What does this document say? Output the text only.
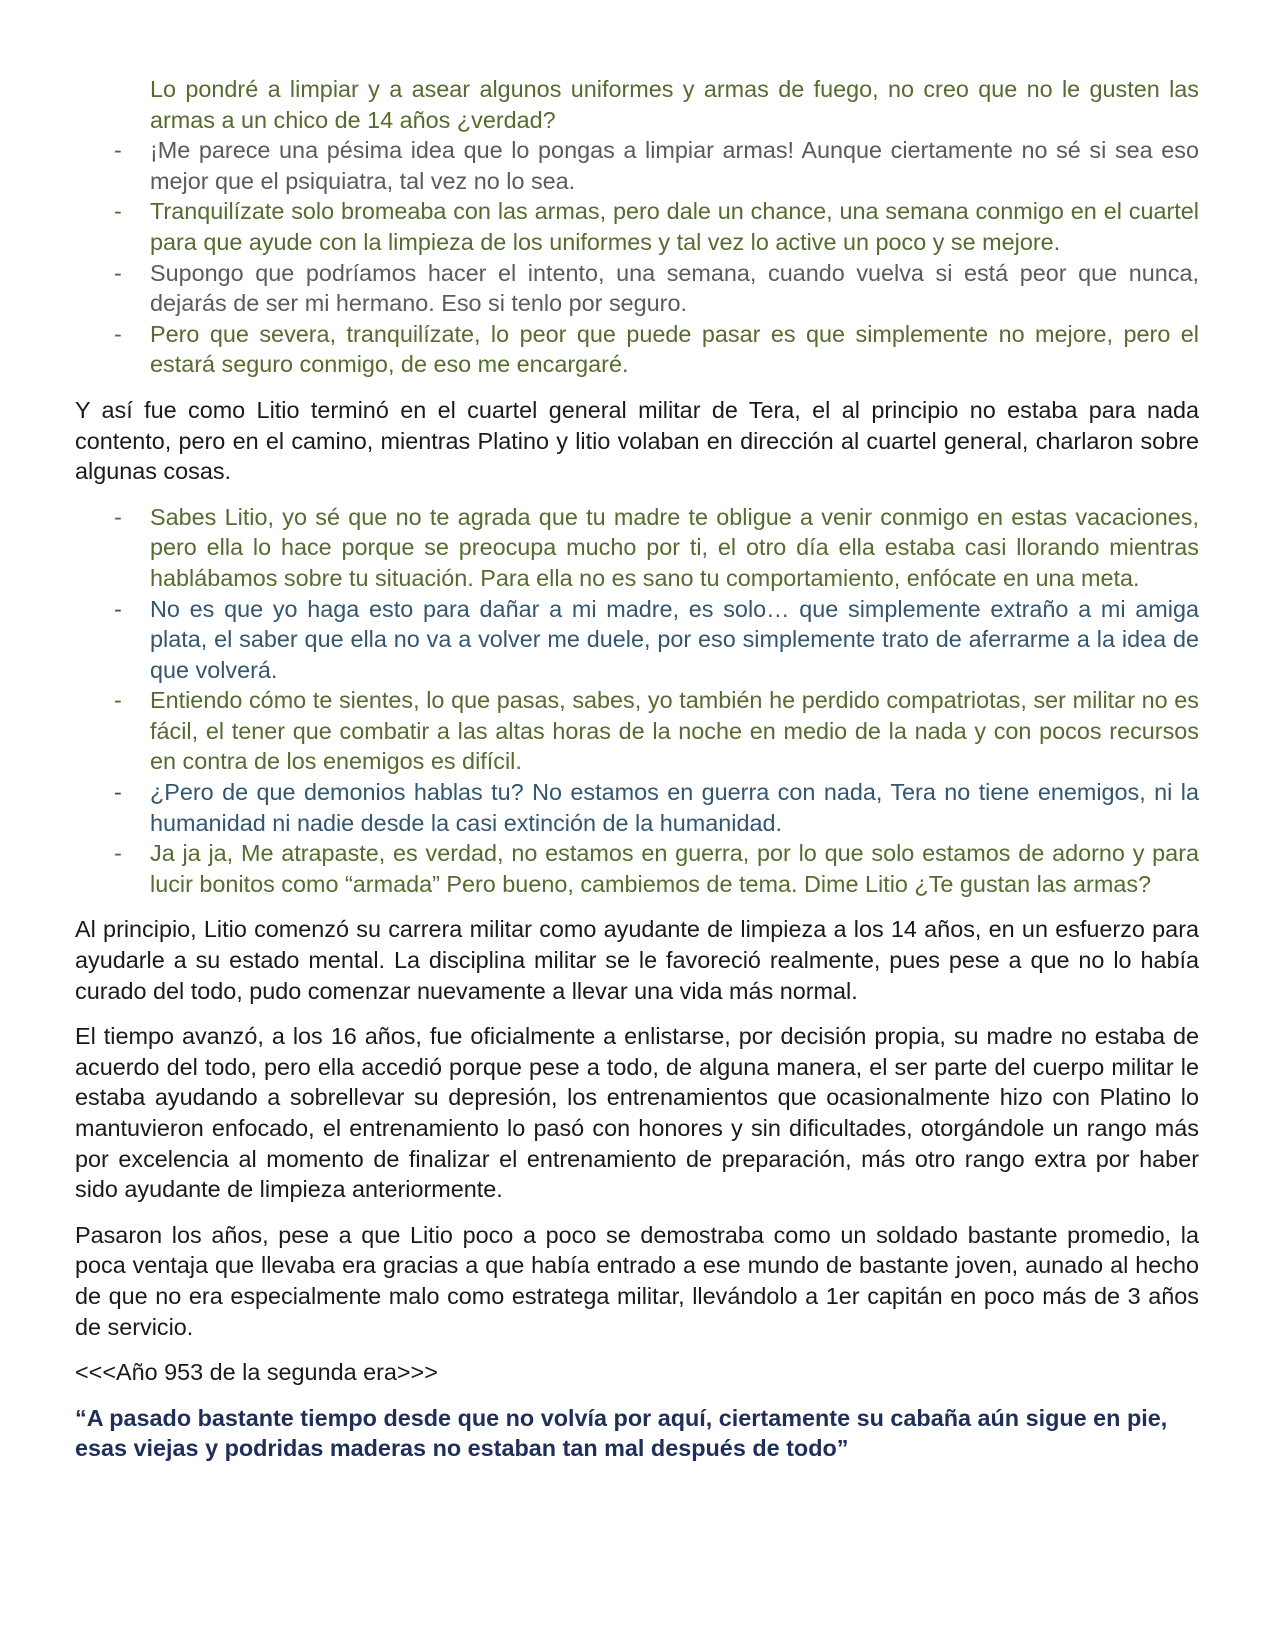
Lo pondré a limpiar y a asear algunos uniformes y armas de fuego, no creo que no le gusten las armas a un chico de 14 años ¿verdad?
- ¡Me parece una pésima idea que lo pongas a limpiar armas! Aunque ciertamente no sé si sea eso mejor que el psiquiatra, tal vez no lo sea.
- Tranquilízate solo bromeaba con las armas, pero dale un chance, una semana conmigo en el cuartel para que ayude con la limpieza de los uniformes y tal vez lo active un poco y se mejore.
- Supongo que podríamos hacer el intento, una semana, cuando vuelva si está peor que nunca, dejarás de ser mi hermano. Eso si tenlo por seguro.
- Pero que severa, tranquilízate, lo peor que puede pasar es que simplemente no mejore, pero el estará seguro conmigo, de eso me encargaré.

Y así fue como Litio terminó en el cuartel general militar de Tera, el al principio no estaba para nada contento, pero en el camino, mientras Platino y litio volaban en dirección al cuartel general, charlaron sobre algunas cosas.

- Sabes Litio, yo sé que no te agrada que tu madre te obligue a venir conmigo en estas vacaciones, pero ella lo hace porque se preocupa mucho por ti, el otro día ella estaba casi llorando mientras hablábamos sobre tu situación. Para ella no es sano tu comportamiento, enfócate en una meta.
- No es que yo haga esto para dañar a mi madre, es solo… que simplemente extraño a mi amiga plata, el saber que ella no va a volver me duele, por eso simplemente trato de aferrarme a la idea de que volverá.
- Entiendo cómo te sientes, lo que pasas, sabes, yo también he perdido compatriotas, ser militar no es fácil, el tener que combatir a las altas horas de la noche en medio de la nada y con pocos recursos en contra de los enemigos es difícil.
- ¿Pero de que demonios hablas tu? No estamos en guerra con nada, Tera no tiene enemigos, ni la humanidad ni nadie desde la casi extinción de la humanidad.
- Ja ja ja, Me atrapaste, es verdad, no estamos en guerra, por lo que solo estamos de adorno y para lucir bonitos como “armada” Pero bueno, cambiemos de tema. Dime Litio ¿Te gustan las armas?

Al principio, Litio comenzó su carrera militar como ayudante de limpieza a los 14 años, en un esfuerzo para ayudarle a su estado mental. La disciplina militar se le favoreció realmente, pues pese a que no lo había curado del todo, pudo comenzar nuevamente a llevar una vida más normal.

El tiempo avanzó, a los 16 años, fue oficialmente a enlistarse, por decisión propia, su madre no estaba de acuerdo del todo, pero ella accedió porque pese a todo, de alguna manera, el ser parte del cuerpo militar le estaba ayudando a sobrellevar su depresión, los entrenamientos que ocasionalmente hizo con Platino lo mantuvieron enfocado, el entrenamiento lo pasó con honores y sin dificultades, otorgándole un rango más por excelencia al momento de finalizar el entrenamiento de preparación, más otro rango extra por haber sido ayudante de limpieza anteriormente.

Pasaron los años, pese a que Litio poco a poco se demostraba como un soldado bastante promedio, la poca ventaja que llevaba era gracias a que había entrado a ese mundo de bastante joven, aunado al hecho de que no era especialmente malo como estratega militar, llevándolo a 1er capitán en poco más de 3 años de servicio.

<<<Año 953 de la segunda era>>>

“A pasado bastante tiempo desde que no volvía por aquí, ciertamente su cabaña aún sigue en pie, esas viejas y podridas maderas no estaban tan mal después de todo”
